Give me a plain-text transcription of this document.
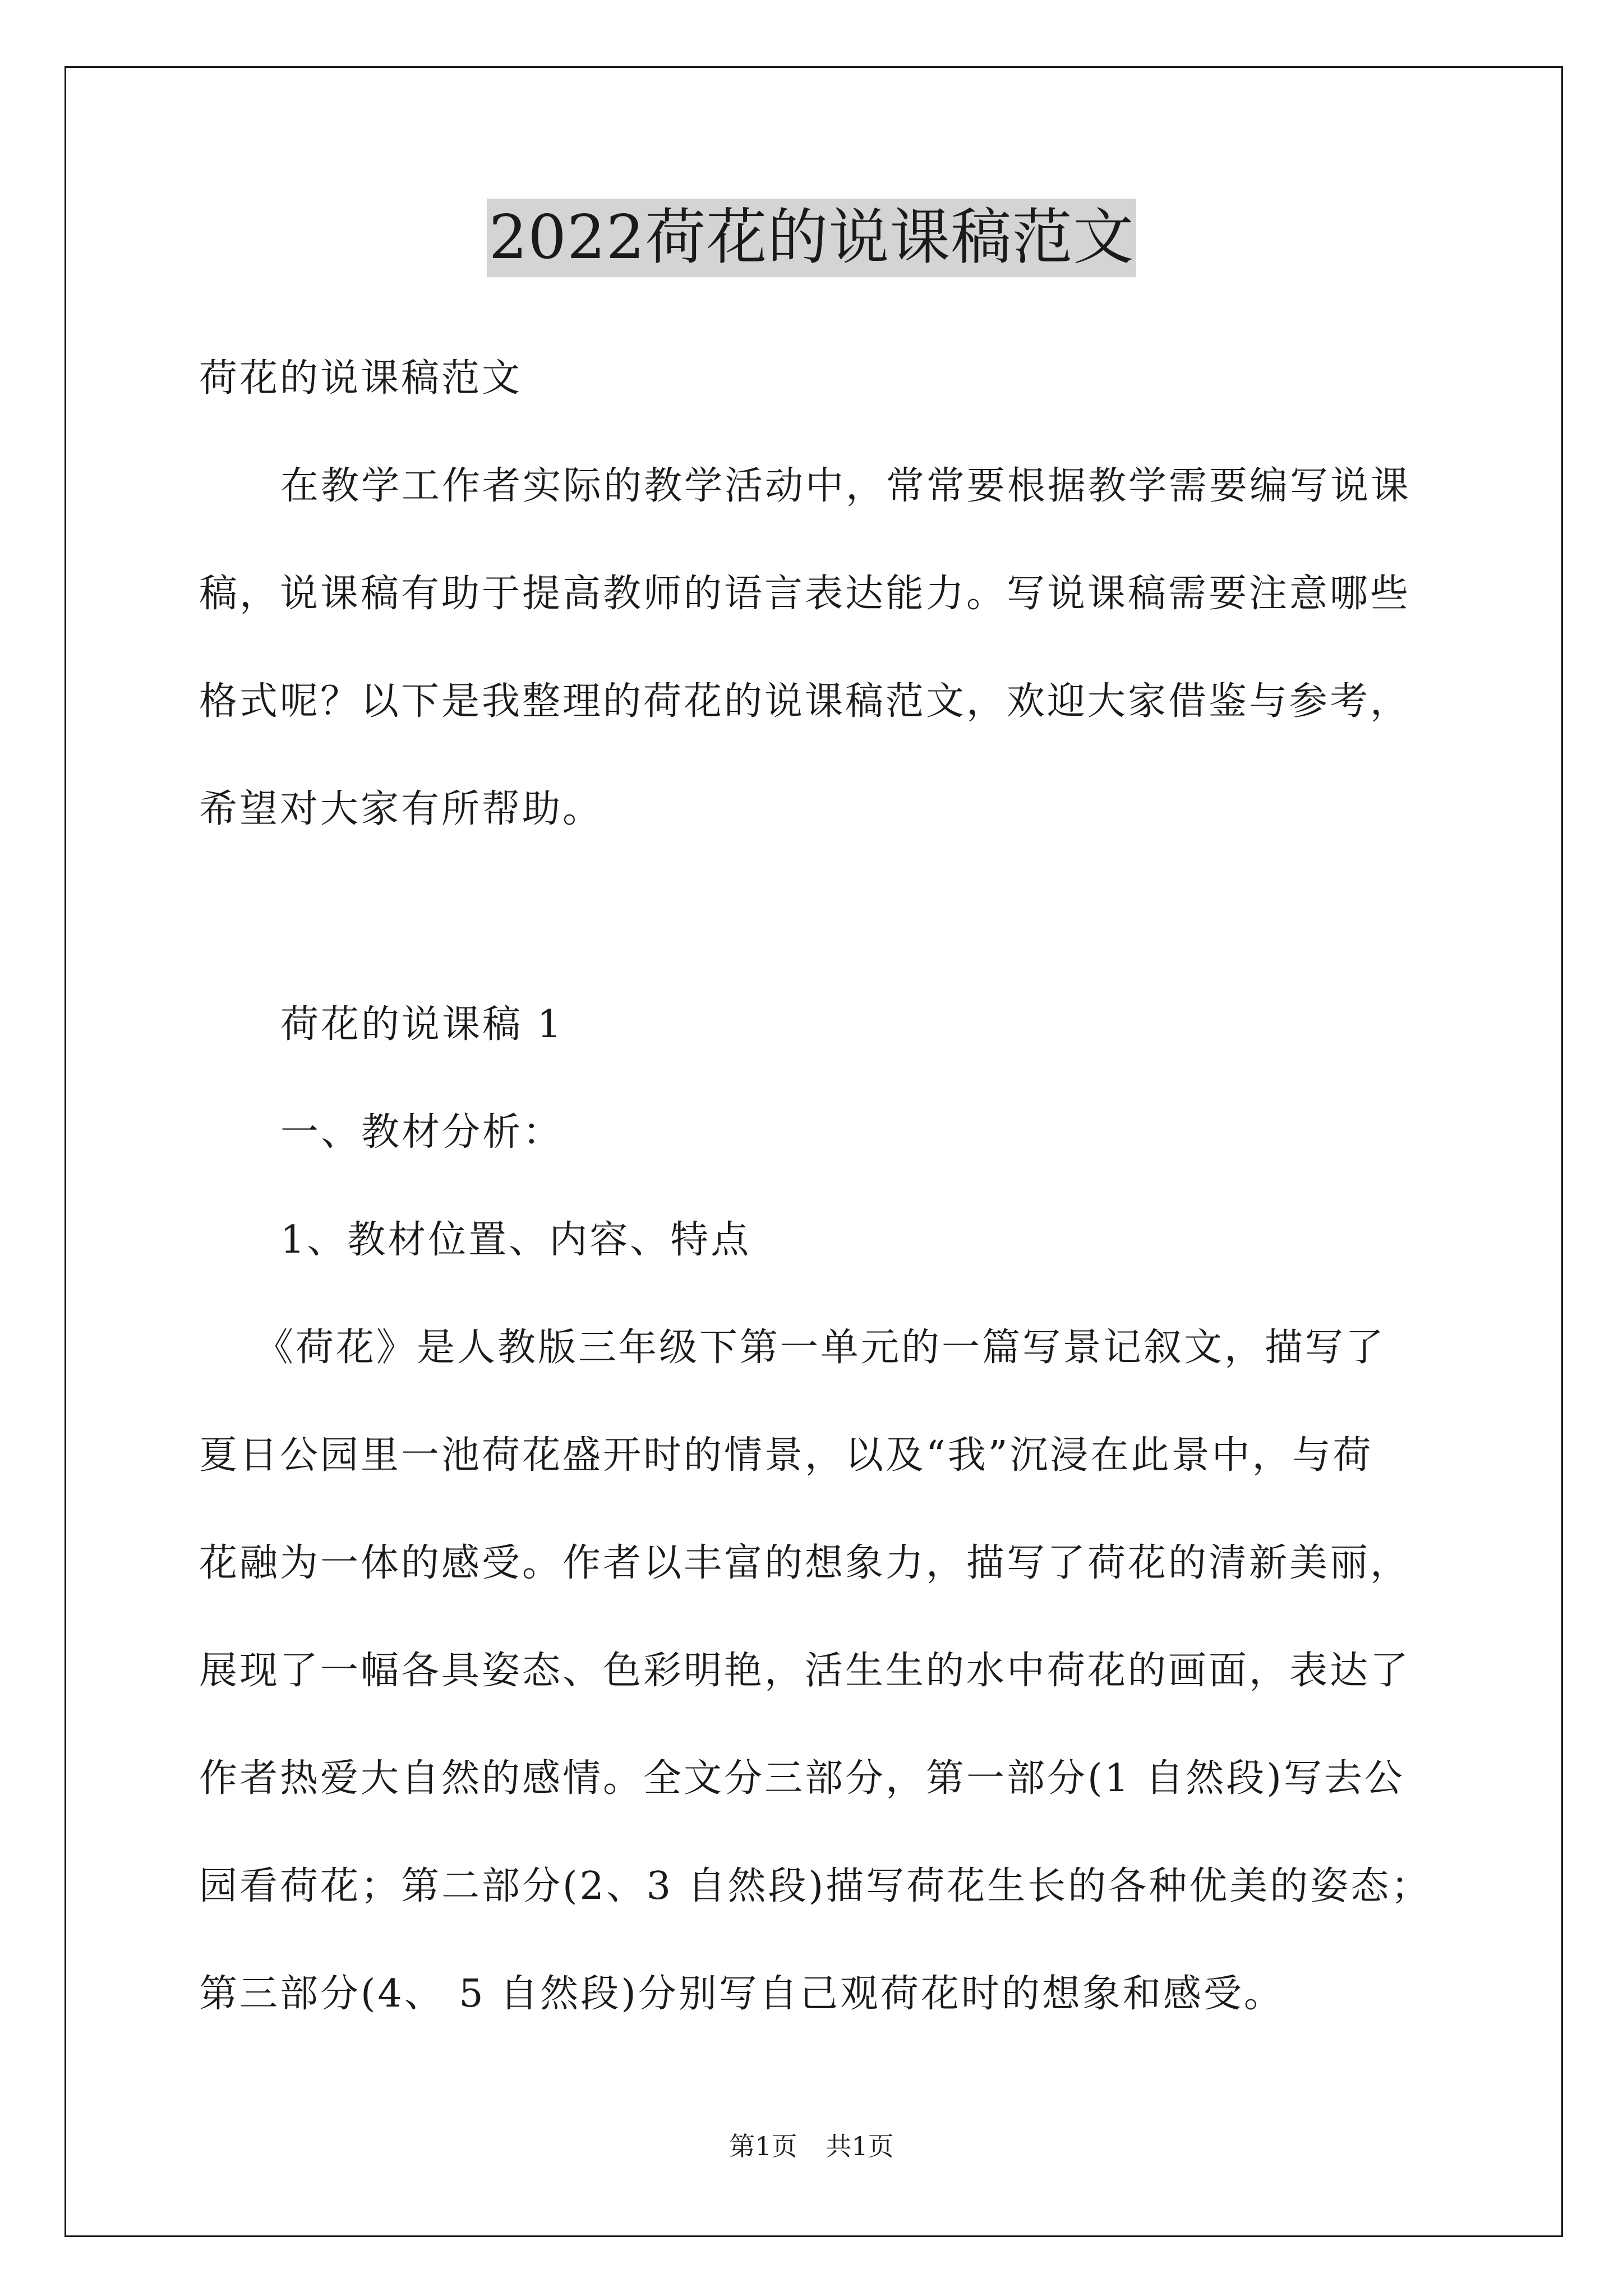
2022荷花的说课稿范文
荷花的说课稿范文
在教学工作者实际的教学活动中，常常要根据教学需要编写说课
稿，说课稿有助于提高教师的语言表达能力。写说课稿需要注意哪些
格式呢？以下是我整理的荷花的说课稿范文，欢迎大家借鉴与参考，
希望对大家有所帮助。
荷花的说课稿 1
一、教材分析：
1、教材位置、内容、特点
《荷花》是人教版三年级下第一单元的一篇写景记叙文，描写了
夏日公园里一池荷花盛开时的情景，以及“我”沉浸在此景中，与荷
花融为一体的感受。作者以丰富的想象力，描写了荷花的清新美丽，
展现了一幅各具姿态、色彩明艳，活生生的水中荷花的画面，表达了
作者热爱大自然的感情。全文分三部分，第一部分(1 自然段)写去公
园看荷花；第二部分(2、3 自然段)描写荷花生长的各种优美的姿态；
第三部分(4、 5 自然段)分别写自己观荷花时的想象和感受。
第1页 共1页
